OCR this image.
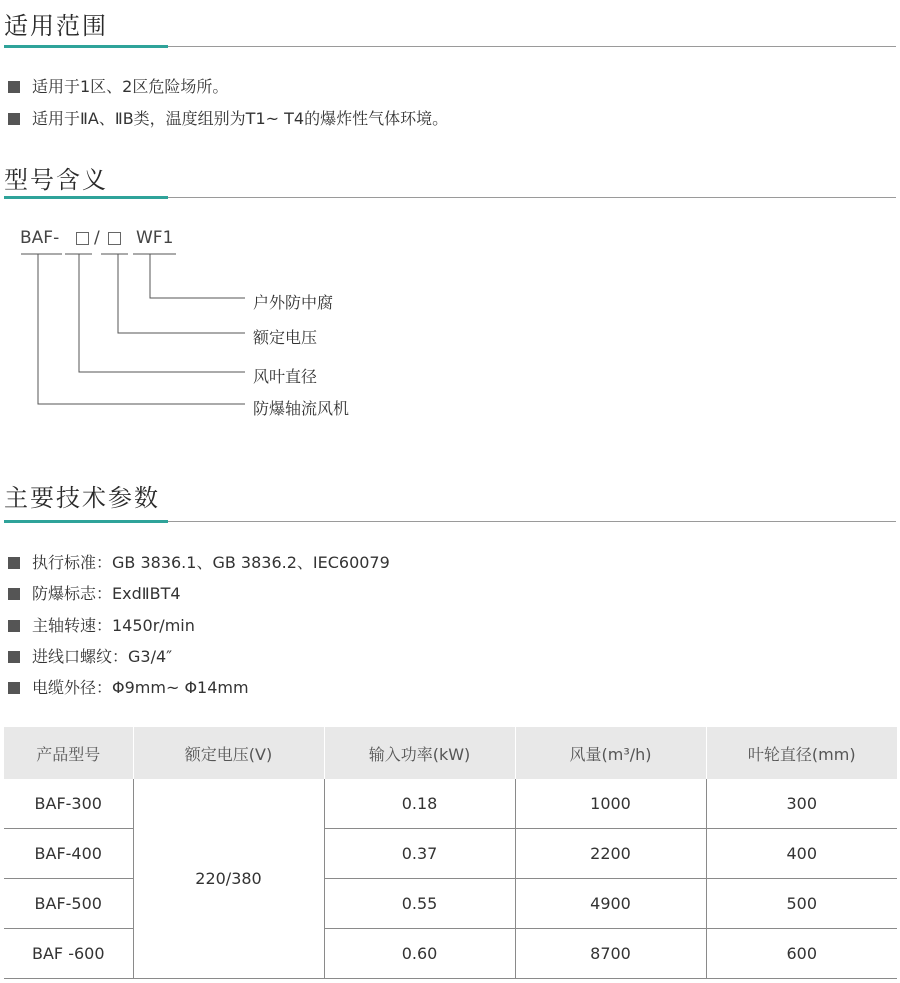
适用范围
适用于1区、2区危险场所。
适用于ⅡA、ⅡB类，温度组别为T1~ T4的爆炸性气体环境。
型号含义
BAF- / WF1
户外防中腐
额定电压
风叶直径
防爆轴流风机
主要技术参数
执行标准：GB 3836.1、GB 3836.2、IEC60079
防爆标志：ExdⅡBT4
主轴转速：1450r/min
进线口螺纹：G3/4″
电缆外径：Φ9mm~ Φ14mm
产品型号	额定电压(V)	输入功率(kW)	风量(m³/h)	叶轮直径(mm)
BAF-300	220/380	0.18	1000	300
BAF-400		0.37	2200	400
BAF-500		0.55	4900	500
BAF -600		0.60	8700	600
